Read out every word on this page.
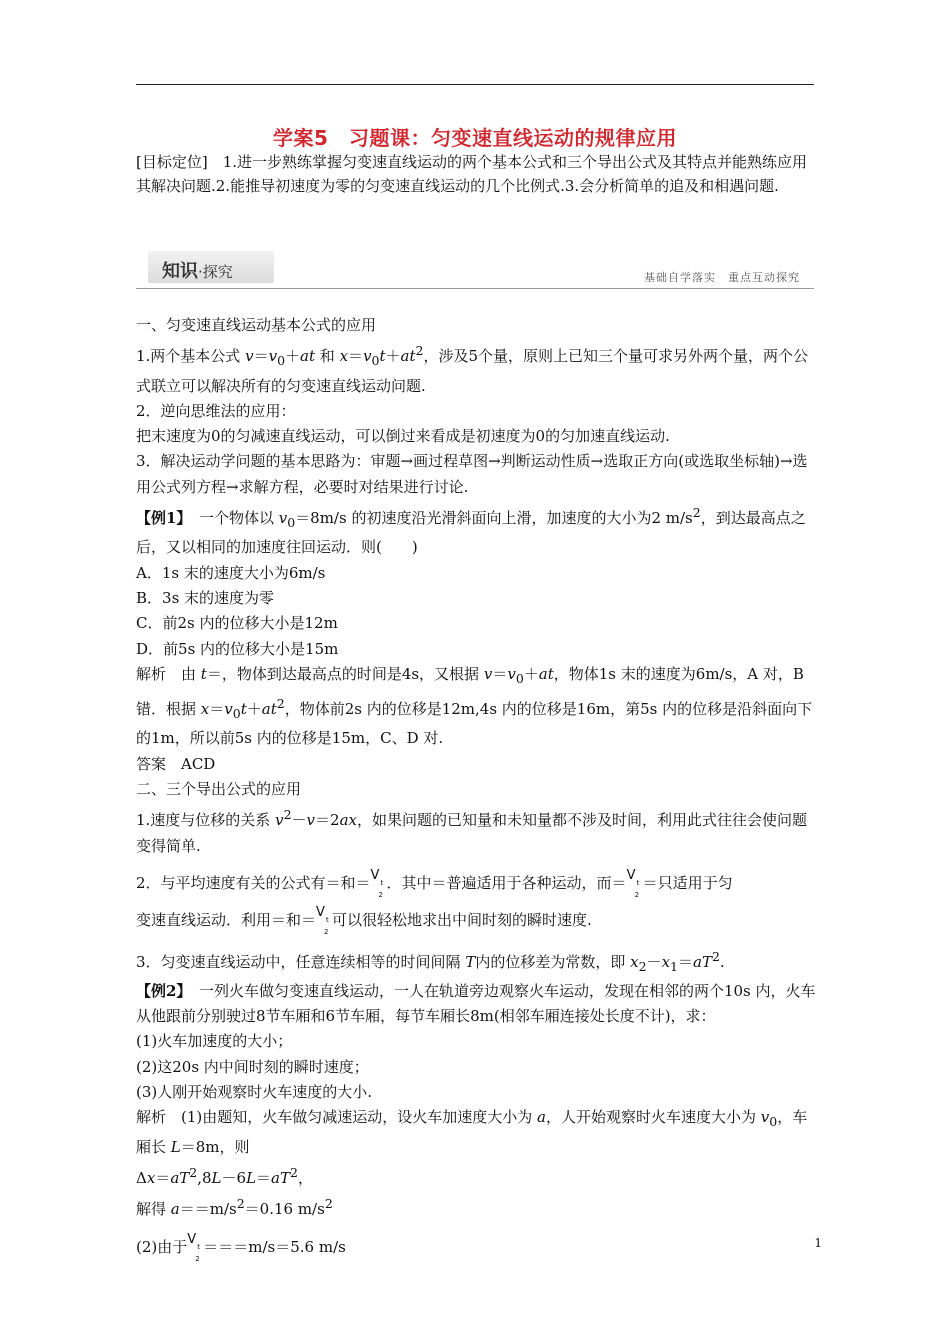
学案5　习题课：匀变速直线运动的规律应用
[目标定位]　1.进一步熟练掌握匀变速直线运动的两个基本公式和三个导出公式及其特点并能熟练应用其解决问题.2.能推导初速度为零的匀变速直线运动的几个比例式.3.会分析简单的追及和相遇问题.
知识·探究	基础自学落实　重点互动探究

一、匀变速直线运动基本公式的应用

1.两个基本公式 $v=v_0+at$ 和 $x=v_0t+at^2$，涉及5个量，原则上已知三个量可求另外两个量，两个公式联立可以解决所有的匀变速直线运动问题.

2．逆向思维法的应用：

把末速度为0的匀减速直线运动，可以倒过来看成是初速度为0的匀加速直线运动.

3．解决运动学问题的基本思路为：审题→画过程草图→判断运动性质→选取正方向(或选取坐标轴)→选用公式列方程→求解方程，必要时对结果进行讨论.

【例1】　一个物体以 $v_0=8m/s$ 的初速度沿光滑斜面向上滑，加速度的大小为2 $m/s^2$，到达最高点之后，又以相同的加速度往回运动．则(　　)

A．1s 末的速度大小为6m/s

B．3s 末的速度为零

C．前2s 内的位移大小是12m

D．前5s 内的位移大小是15m

解析　由 t＝，物体到达最高点的时间是4s，又根据 $v=v_0+at$，物体1s 末的速度为6m/s，A 对，B 错．根据 $x=v_0t+at^2$，物体前2s 内的位移是12m,4s 内的位移是16m，第5s 内的位移是沿斜面向下的1m，所以前5s 内的位移是15m，C、D 对.

答案　ACD

二、三个导出公式的应用

1.速度与位移的关系 $v^2-v=2ax$，如果问题的已知量和未知量都不涉及时间，利用此式往往会使问题变得简单.

2．与平均速度有关的公式有＝和＝ V t
2
．其中＝普遍适用于各种运动，而＝ V t
2
＝只适用于匀

变速直线运动．利用＝和＝ V t
2
可以很轻松地求出中间时刻的瞬时速度.

3．匀变速直线运动中，任意连续相等的时间间隔 T内的位移差为常数，即 $x_2-x_1=aT^2$.

【例2】　一列火车做匀变速直线运动，一人在轨道旁边观察火车运动，发现在相邻的两个10s 内，火车从他跟前分别驶过8节车厢和6节车厢，每节车厢长8m(相邻车厢连接处长度不计)，求：

(1)火车加速度的大小；

(2)这20s 内中间时刻的瞬时速度；

(3)人刚开始观察时火车速度的大小.

解析　(1)由题知，火车做匀减速运动，设火车加速度大小为 a，人开始观察时火车速度大小为 $v_0$，车厢长 L＝8m，则

$\Delta x=aT^2,8L-6L=aT^2$，

解得 $a==m/s^2=0.16$ $m/s^2$

(2)由于 V t
2
＝＝＝m/s＝5.6 m/s	1
